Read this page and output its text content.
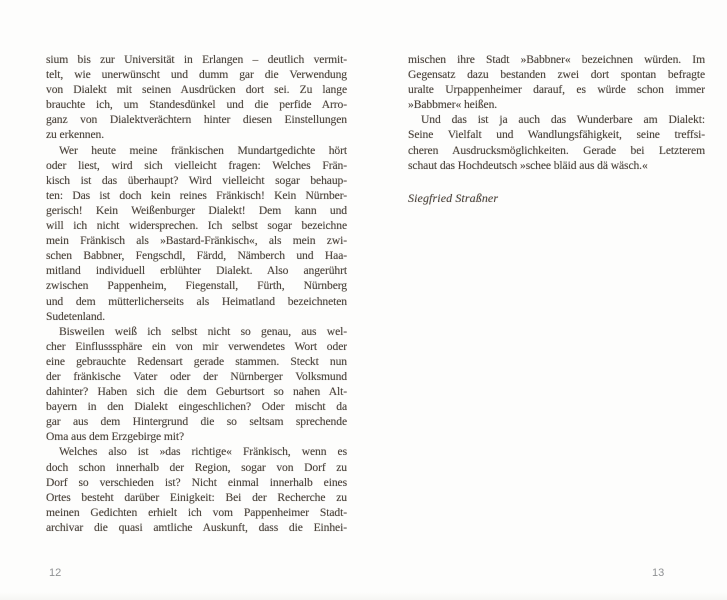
sium bis zur Universität in Erlangen – deutlich vermit-
telt, wie unerwünscht und dumm gar die Verwendung
von Dialekt mit seinen Ausdrücken dort sei. Zu lange
brauchte ich, um Standesdünkel und die perfide Arro-
ganz von Dialektverächtern hinter diesen Einstellungen
zu erkennen.
Wer heute meine fränkischen Mundartgedichte hört
oder liest, wird sich vielleicht fragen: Welches Frän-
kisch ist das überhaupt? Wird vielleicht sogar behaup-
ten: Das ist doch kein reines Fränkisch! Kein Nürnber-
gerisch! Kein Weißenburger Dialekt! Dem kann und
will ich nicht widersprechen. Ich selbst sogar bezeichne
mein Fränkisch als »Bastard-Fränkisch«, als mein zwi-
schen Babbner, Fengschdl, Färdd, Nämberch und Haa-
mitland individuell erblühter Dialekt. Also angerührt
zwischen Pappenheim, Fiegenstall, Fürth, Nürnberg
und dem mütterlicherseits als Heimatland bezeichneten
Sudetenland.
Bisweilen weiß ich selbst nicht so genau, aus wel-
cher Einflusssphäre ein von mir verwendetes Wort oder
eine gebrauchte Redensart gerade stammen. Steckt nun
der fränkische Vater oder der Nürnberger Volksmund
dahinter? Haben sich die dem Geburtsort so nahen Alt-
bayern in den Dialekt eingeschlichen? Oder mischt da
gar aus dem Hintergrund die so seltsam sprechende
Oma aus dem Erzgebirge mit?
Welches also ist »das richtige« Fränkisch, wenn es
doch schon innerhalb der Region, sogar von Dorf zu
Dorf so verschieden ist? Nicht einmal innerhalb eines
Ortes besteht darüber Einigkeit: Bei der Recherche zu
meinen Gedichten erhielt ich vom Pappenheimer Stadt-
archivar die quasi amtliche Auskunft, dass die Einhei-
mischen ihre Stadt »Babbner« bezeichnen würden. Im
Gegensatz dazu bestanden zwei dort spontan befragte
uralte Urpappenheimer darauf, es würde schon immer
»Babbmer« heißen.
Und das ist ja auch das Wunderbare am Dialekt:
Seine Vielfalt und Wandlungsfähigkeit, seine treffsi-
cheren Ausdrucksmöglichkeiten. Gerade bei Letzterem
schaut das Hochdeutsch »schee bläid aus dä wäsch.«
Siegfried Straßner
12	13
